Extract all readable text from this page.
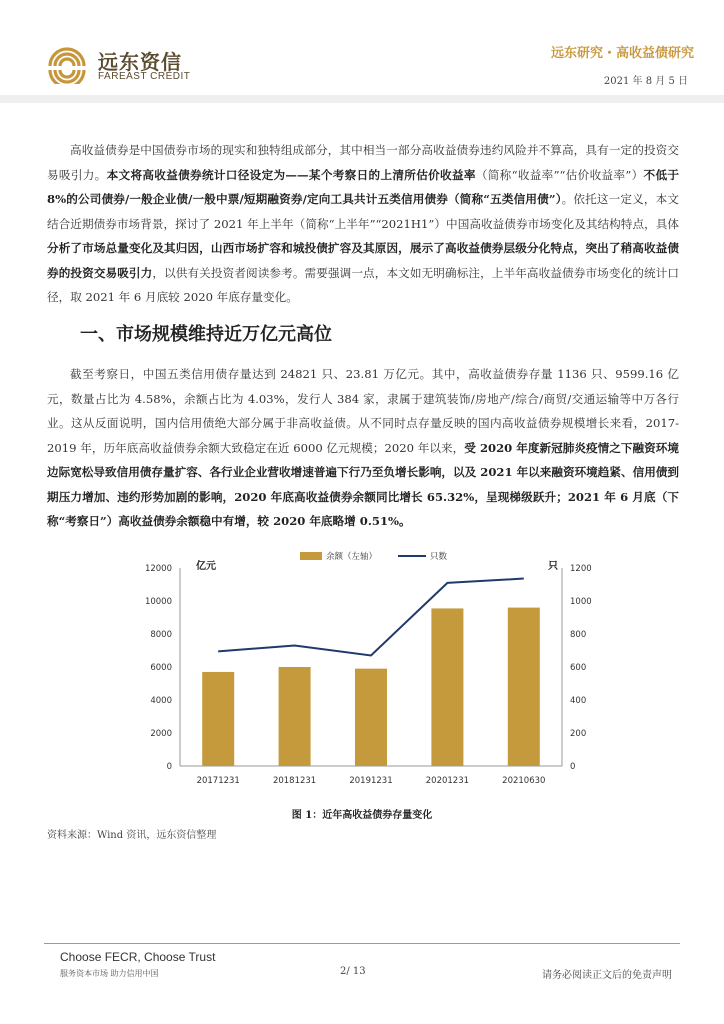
远东资信
FAREAST CREDIT
远东研究・高收益债研究
2021 年 8 月 5 日
高收益债券是中国债券市场的现实和独特组成部分，其中相当一部分高收益债券违约风险并不算高，具有一定的投资交易吸引力。本文将高收益债券统计口径设定为——某个考察日的上清所估价收益率（简称“收益率”“估价收益率”）不低于 8%的公司债券/一般企业债/一般中票/短期融资券/定向工具共计五类信用债券（简称“五类信用债”）。依托这一定义，本文结合近期债券市场背景，探讨了 2021 年上半年（简称“上半年”“2021H1”）中国高收益债券市场变化及其结构特点，具体分析了市场总量变化及其归因，山西市场扩容和城投债扩容及其原因，展示了高收益债券层级分化特点，突出了稍高收益债券的投资交易吸引力，以供有关投资者阅读参考。需要强调一点，本文如无明确标注，上半年高收益债券市场变化的统计口径，取 2021 年 6 月底较 2020 年底存量变化。
一、市场规模维持近万亿元高位
截至考察日，中国五类信用债存量达到 24821 只、23.81 万亿元。其中，高收益债券存量 1136 只、9599.16 亿元，数量占比为 4.58%，余额占比为 4.03%，发行人 384 家，隶属于建筑装饰/房地产/综合/商贸/交通运输等中万各行业。这从反面说明，国内信用债绝大部分属于非高收益债。从不同时点存量反映的国内高收益债券规模增长来看，2017-2019 年，历年底高收益债券余额大致稳定在近 6000 亿元规模；2020 年以来，受 2020 年度新冠肺炎疫情之下融资环境边际宽松导致信用债存量扩容、各行业企业营收增速普遍下行乃至负增长影响，以及 2021 年以来融资环境趋紧、信用债到期压力增加、违约形势加剧的影响，2020 年底高收益债券余额同比增长 65.32%，呈现梯级跃升；2021 年 6 月底（下称“考察日”）高收益债券余额稳中有增，较 2020 年底略增 0.51%。
0
2000
4000
6000
8000
10000
12000
0
200
400
600
800
1000
1200
亿元	只
20171231	20181231	20191231	20201231	20210630
余额（左轴）	只数
图 1：近年高收益债券存量变化
资料来源：Wind 资讯，远东资信整理
Choose FECR, Choose Trust
服务资本市场 助力信用中国	2/ 13	请务必阅读正文后的免责声明
